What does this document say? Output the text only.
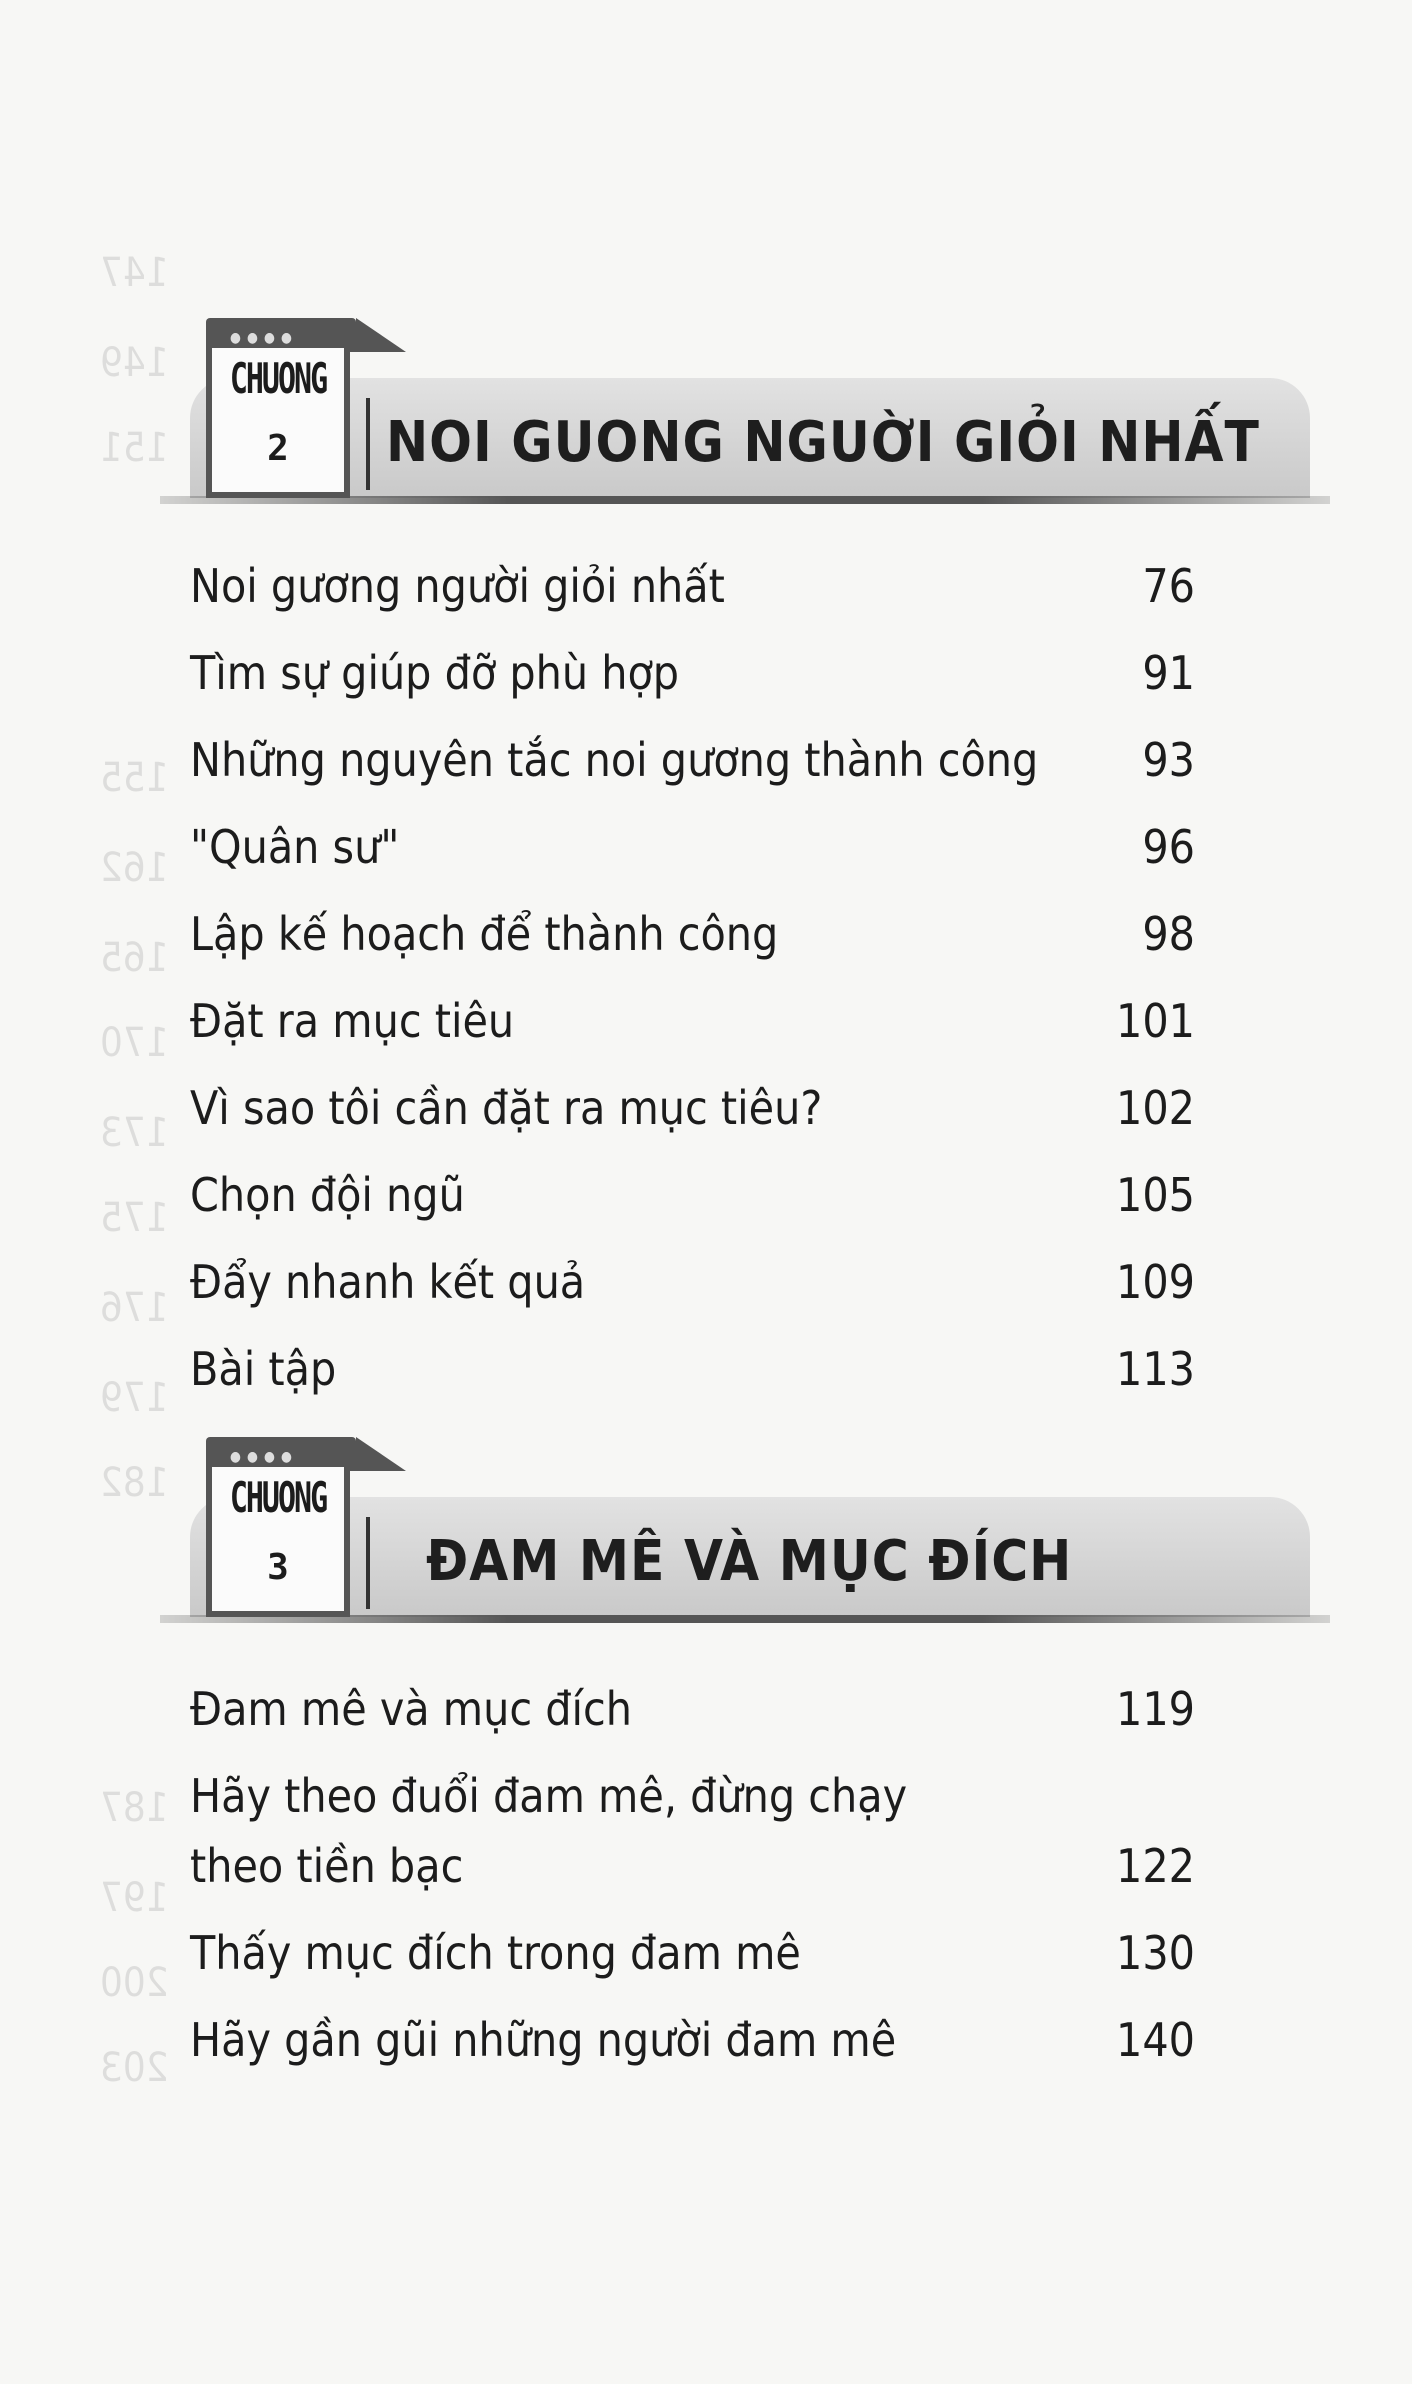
147
149
151
155
162
165
170
173
175
176
179
182
187
197
200
203
●●●●
CHUONG
2	NOI GUONG NGUỜI GIỎI NHẤT
Noi gương người giỏi nhất	76
Tìm sự giúp đỡ phù hợp	91
Những nguyên tắc noi gương thành công 93
"Quân sư"	96
Lập kế hoạch để thành công	98
Đặt ra mục tiêu	101
Vì sao tôi cần đặt ra mục tiêu?	102
Chọn đội ngũ	105
Đẩy nhanh kết quả	109
Bài tập	113
●●●●
CHUONG
3	ĐAM MÊ VÀ MỤC ĐÍCH
Đam mê và mục đích	119
Hãy theo đuổi đam mê, đừng chạy theo tiền bạc	122
Thấy mục đích trong đam mê	130
Hãy gần gũi những người đam mê	140
